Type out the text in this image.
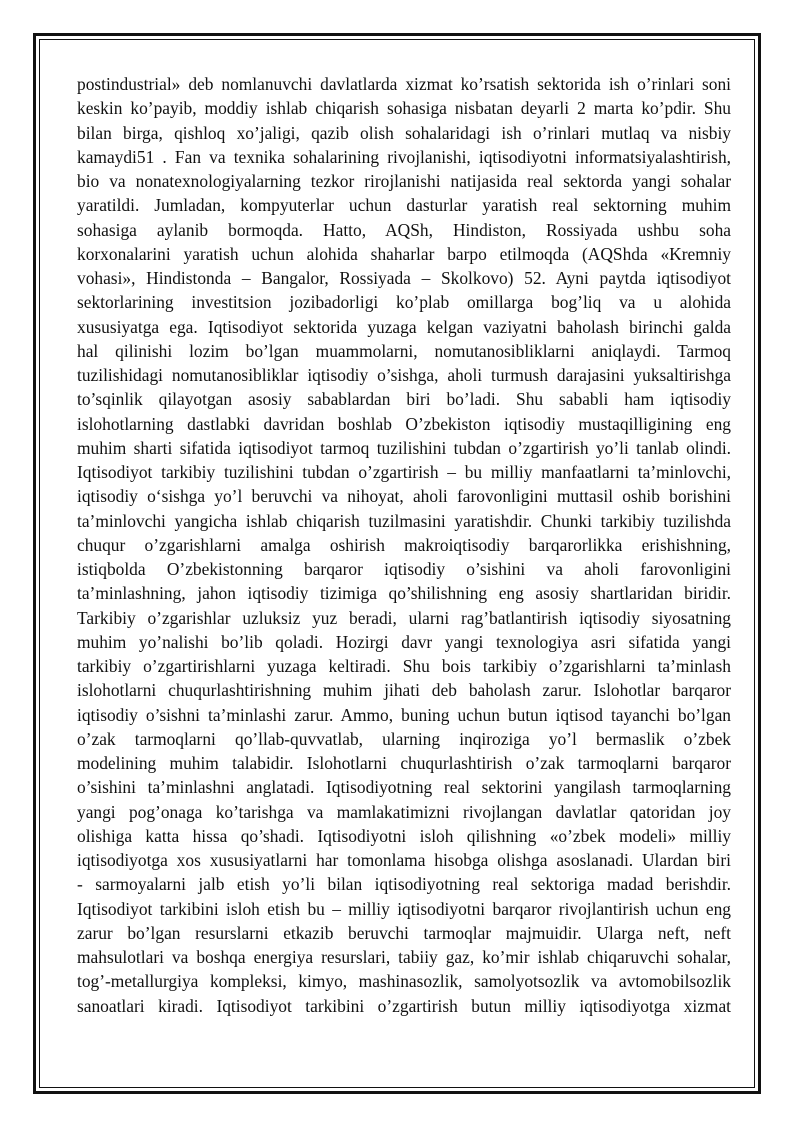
postindustrial» deb nomlanuvchi davlatlarda xizmat ko’rsatish sektorida ish o’rinlari soni
keskin ko’payib, moddiy ishlab chiqarish sohasiga nisbatan deyarli 2 marta ko’pdir. Shu
bilan birga, qishloq xo’jaligi, qazib olish sohalaridagi ish o’rinlari mutlaq va nisbiy
kamaydi51 . Fan va texnika sohalarining rivojlanishi, iqtisodiyotni informatsiyalashtirish,
bio va nonatexnologiyalarning tezkor rirojlanishi natijasida real sektorda yangi sohalar
yaratildi. Jumladan, kompyuterlar uchun dasturlar yaratish real sektorning muhim
sohasiga aylanib bormoqda. Hatto, AQSh, Hindiston, Rossiyada ushbu soha
korxonalarini yaratish uchun alohida shaharlar barpo etilmoqda (AQShda «Kremniy
vohasi», Hindistonda – Bangalor, Rossiyada – Skolkovo) 52. Ayni paytda iqtisodiyot
sektorlarining investitsion jozibadorligi ko’plab omillarga bog’liq va u alohida
xususiyatga ega. Iqtisodiyot sektorida yuzaga kelgan vaziyatni baholash birinchi galda
hal qilinishi lozim bo’lgan muammolarni, nomutanosibliklarni aniqlaydi. Tarmoq
tuzilishidagi nomutanosibliklar iqtisodiy o’sishga, aholi turmush darajasini yuksaltirishga
to’sqinlik qilayotgan asosiy sabablardan biri bo’ladi. Shu sababli ham iqtisodiy
islohotlarning dastlabki davridan boshlab O’zbekiston iqtisodiy mustaqilligining eng
muhim sharti sifatida iqtisodiyot tarmoq tuzilishini tubdan o’zgartirish yo’li tanlab olindi.
Iqtisodiyot tarkibiy tuzilishini tubdan o’zgartirish – bu milliy manfaatlarni ta’minlovchi,
iqtisodiy o‘sishga yo’l beruvchi va nihoyat, aholi farovonligini muttasil oshib borishini
ta’minlovchi yangicha ishlab chiqarish tuzilmasini yaratishdir. Chunki tarkibiy tuzilishda
chuqur o’zgarishlarni amalga oshirish makroiqtisodiy barqarorlikka erishishning,
istiqbolda O’zbekistonning barqaror iqtisodiy o’sishini va aholi farovonligini
ta’minlashning, jahon iqtisodiy tizimiga qo’shilishning eng asosiy shartlaridan biridir.
Tarkibiy o’zgarishlar uzluksiz yuz beradi, ularni rag’batlantirish iqtisodiy siyosatning
muhim yo’nalishi bo’lib qoladi. Hozirgi davr yangi texnologiya asri sifatida yangi
tarkibiy o’zgartirishlarni yuzaga keltiradi. Shu bois tarkibiy o’zgarishlarni ta’minlash
islohotlarni chuqurlashtirishning muhim jihati deb baholash zarur. Islohotlar barqaror
iqtisodiy o’sishni ta’minlashi zarur. Ammo, buning uchun butun iqtisod tayanchi bo’lgan
o’zak tarmoqlarni qo’llab-quvvatlab, ularning inqiroziga yo’l bermaslik o’zbek
modelining muhim talabidir. Islohotlarni chuqurlashtirish o’zak tarmoqlarni barqaror
o’sishini ta’minlashni anglatadi. Iqtisodiyotning real sektorini yangilash tarmoqlarning
yangi pog’onaga ko’tarishga va mamlakatimizni rivojlangan davlatlar qatoridan joy
olishiga katta hissa qo’shadi. Iqtisodiyotni isloh qilishning «o’zbek modeli» milliy
iqtisodiyotga xos xususiyatlarni har tomonlama hisobga olishga asoslanadi. Ulardan biri
- sarmoyalarni jalb etish yo’li bilan iqtisodiyotning real sektoriga madad berishdir.
Iqtisodiyot tarkibini isloh etish bu – milliy iqtisodiyotni barqaror rivojlantirish uchun eng
zarur bo’lgan resurslarni etkazib beruvchi tarmoqlar majmuidir. Ularga neft, neft
mahsulotlari va boshqa energiya resurslari, tabiiy gaz, ko’mir ishlab chiqaruvchi sohalar,
tog’-metallurgiya kompleksi, kimyo, mashinasozlik, samolyotsozlik va avtomobilsozlik
sanoatlari kiradi. Iqtisodiyot tarkibini o’zgartirish butun milliy iqtisodiyotga xizmat
